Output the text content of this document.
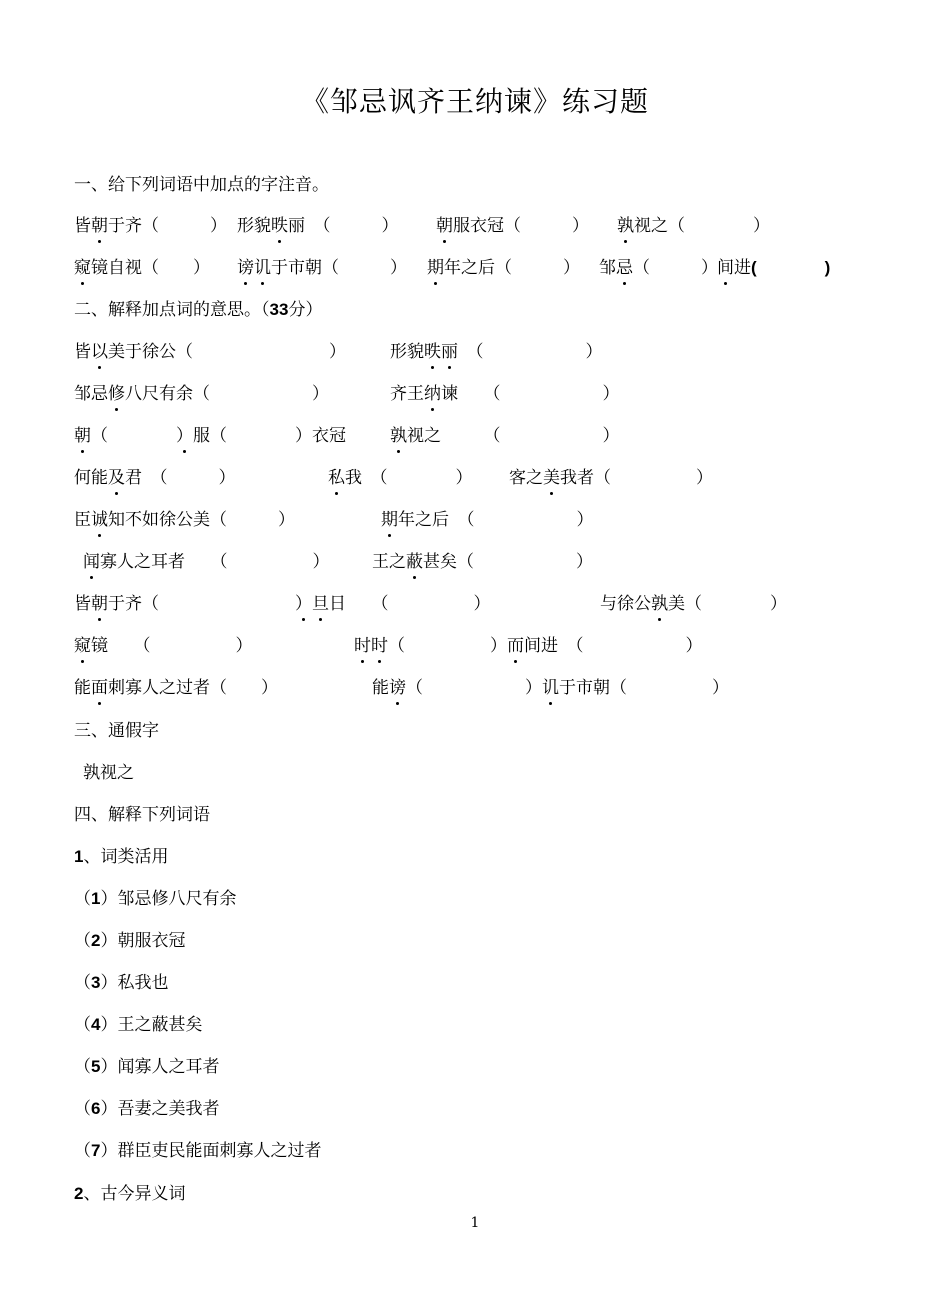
《邹忌讽齐王纳谏》练习题
一、给下列词语中加点的字注音。
皆朝于齐（　　　	） 形貌昳丽　 （　　　	） 朝服衣冠（　　　	） 孰视之（　　　　	）
窥镜自视（　　 ） 谤讥于市朝（　　　	） 期年之后（　　　	） 邹忌（　　　	） 间进(　　　　	)
二、解释加点词的意思。（33分）
皆以美于徐公（　　　　　　　　	）	形貌昳丽　 （　　　　　　	）
邹忌修八尺有余（　　　　　　	）	齐王纳谏　　 （　　　　　　	）
朝（　　　　	）服（　　　　	）衣冠	孰视之　　　	（　　　　　　	）
何能及君　 （　　　	）	私我　 （　　　　	） 客之美我者（　　　　　	）
臣诚知不如徐公美（　　　	）	期年之后　 （　　　　　　	）
闻寡人之耳者　　 （　　　　　	）	王之蔽甚矣（　　　　　　	）
皆朝于齐（　　　　　　　　	）旦日　　 （　　　　　	）	与徐公孰美（　　　　	）
窥镜　　 （　　　　　	）	时时（　　　　　	）而间进　 （　　　　　　	）
能面刺寡人之过者（　　 ）	能谤（　　　　　　	）讥于市朝（　　　　　	）
三、通假字
孰视之
四、解释下列词语
1、词类活用
（1）邹忌修八尺有余
（2）朝服衣冠
（3）私我也
（4）王之蔽甚矣
（5）闻寡人之耳者
（6）吾妻之美我者
（7）群臣吏民能面刺寡人之过者
2、古今异义词
1
